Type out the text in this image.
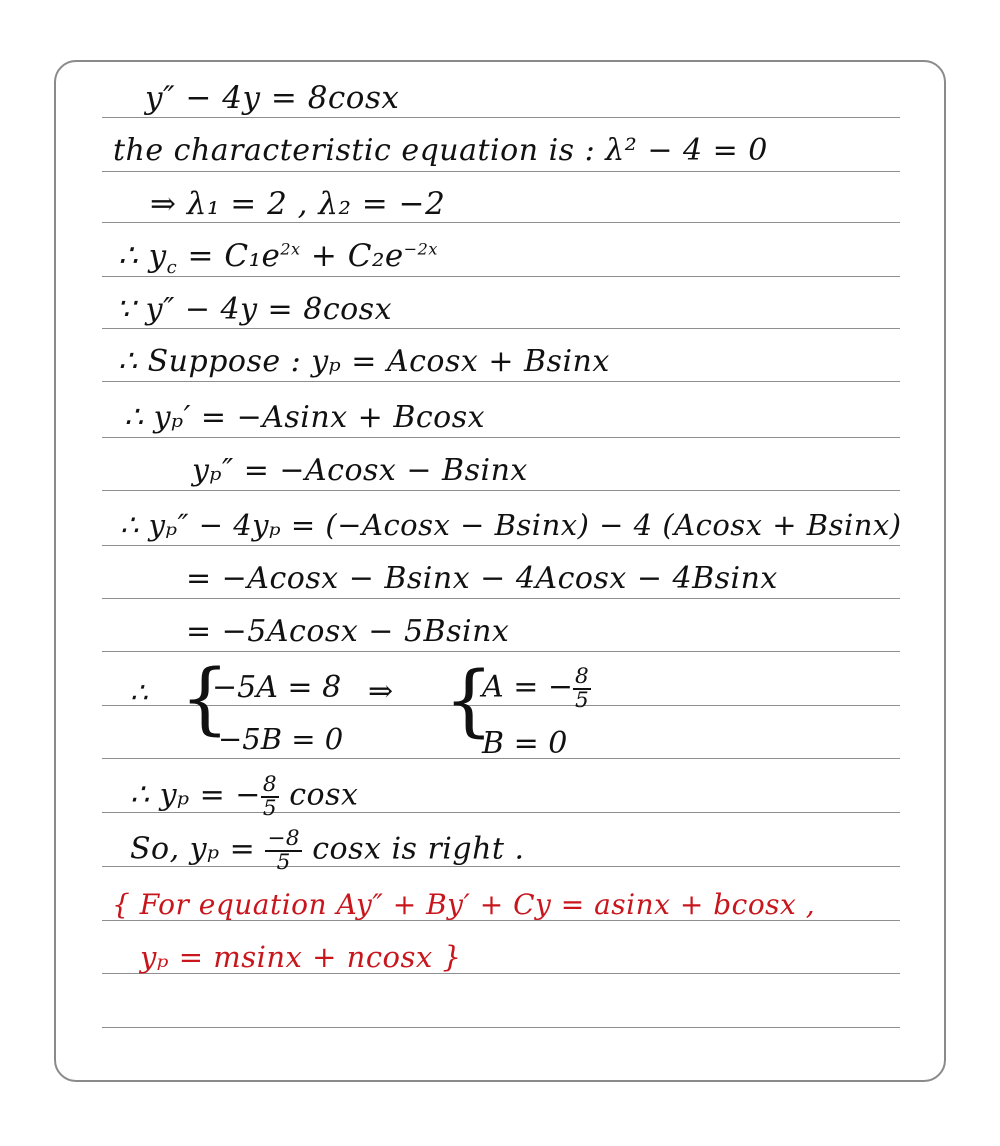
y″ − 4y = 8cosx
the characteristic equation is : λ² − 4 = 0
⇒ λ₁ = 2 , λ₂ = −2
∴ $y_c = C_1e^{2x} + C_2e^{-2x}$
∵ y″ − 4y = 8cosx
∴ Suppose : yₚ = Acosx + Bsinx
∴ yₚ′ = −Asinx + Bcosx
yₚ″ = −Acosx − Bsinx
∴ yₚ″ − 4yₚ = (−Acosx − Bsinx) − 4 (Acosx + Bsinx)
= −Acosx − Bsinx − 4Acosx − 4Bsinx
= −5Acosx − 5Bsinx
∴ {
−5A = 8
−5B = 0
⇒ {
A = − $\frac{8}{5}$
B = 0
∴ yₚ = − $\frac{8}{5}$ cosx
So, $y_p = \frac{-8}{5}$ cosx is right .
{ For equation Ay″ + By′ + Cy = asinx + bcosx ,
yₚ = msinx + ncosx }
